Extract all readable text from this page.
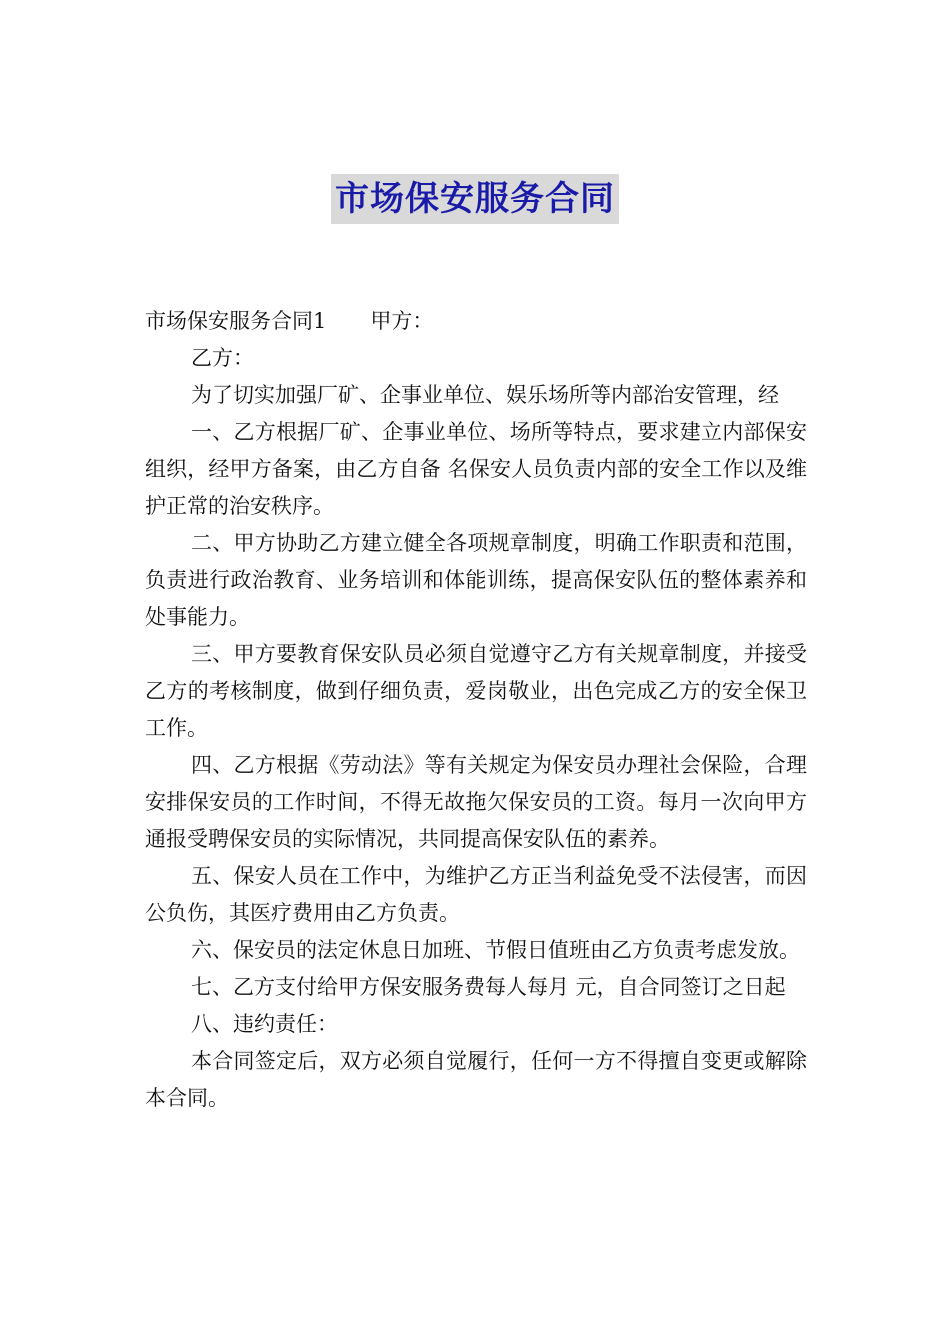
市场保安服务合同

市场保安服务合同1 甲方：

乙方：

为了切实加强厂矿、企事业单位、娱乐场所等内部治安管理，经

一、乙方根据厂矿、企事业单位、场所等特点，要求建立内部保安组织，经甲方备案，由乙方自备 名保安人员负责内部的安全工作以及维护正常的治安秩序。

二、甲方协助乙方建立健全各项规章制度，明确工作职责和范围，负责进行政治教育、业务培训和体能训练，提高保安队伍的整体素养和处事能力。

三、甲方要教育保安队员必须自觉遵守乙方有关规章制度，并接受乙方的考核制度，做到仔细负责，爱岗敬业，出色完成乙方的安全保卫工作。

四、乙方根据《劳动法》等有关规定为保安员办理社会保险，合理安排保安员的工作时间，不得无故拖欠保安员的工资。每月一次向甲方通报受聘保安员的实际情况，共同提高保安队伍的素养。

五、保安人员在工作中，为维护乙方正当利益免受不法侵害，而因公负伤，其医疗费用由乙方负责。

六、保安员的法定休息日加班、节假日值班由乙方负责考虑发放。

七、乙方支付给甲方保安服务费每人每月 元，自合同签订之日起

八、违约责任：

本合同签定后，双方必须自觉履行，任何一方不得擅自变更或解除本合同。
